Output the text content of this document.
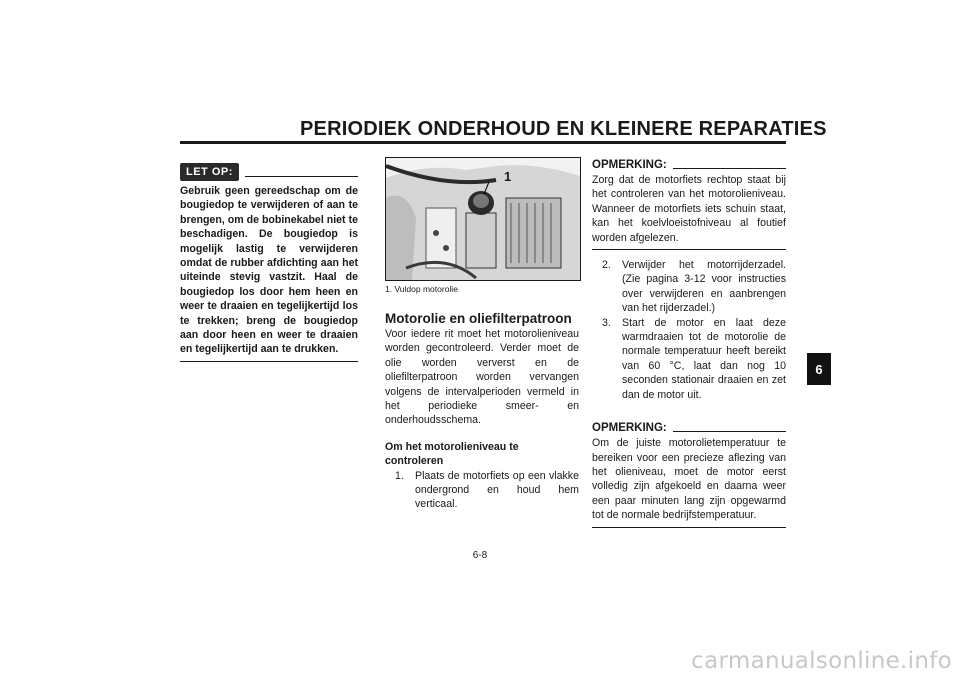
PERIODIEK ONDERHOUD EN KLEINERE REPARATIES
LET OP:
Gebruik geen gereedschap om de bougiedop te verwijderen of aan te brengen, om de bobinekabel niet te beschadigen. De bougiedop is mogelijk lastig te verwijderen omdat de rubber afdichting aan het uiteinde stevig vastzit. Haal de bougiedop los door hem heen en weer te draaien en tegelijkertijd los te trekken; breng de bougiedop aan door heen en weer te draaien en tegelijkertijd aan te drukken.
1
1. Vuldop motorolie
Motorolie en oliefilterpatroon

Voor iedere rit moet het motorolieniveau worden gecontroleerd. Verder moet de olie worden ververst en de oliefilterpatroon worden vervangen volgens de intervalperioden vermeld in het periodieke smeer- en onderhoudsschema.

Om het motorolieniveau te controleren
1.	Plaats de motorfiets op een vlakke ondergrond en houd hem verticaal.
OPMERKING:
Zorg dat de motorfiets rechtop staat bij het controleren van het motorolieniveau. Wanneer de motorfiets iets schuin staat, kan het koelvloeistofniveau al foutief worden afgelezen.
2.	Verwijder het motorrijderzadel. (Zie pagina 3-12 voor instructies over verwijderen en aanbrengen van het rijderzadel.)
3.	Start de motor en laat deze warmdraaien tot de motorolie de normale temperatuur heeft bereikt van 60 °C, laat dan nog 10 seconden stationair draaien en zet dan de motor uit.
OPMERKING:
Om de juiste motorolietemperatuur te bereiken voor een precieze aflezing van het olieniveau, moet de motor eerst volledig zijn afgekoeld en daarna weer een paar minuten lang zijn opgewarmd tot de normale bedrijfstemperatuur.
6
6-8
carmanualsonline.info
